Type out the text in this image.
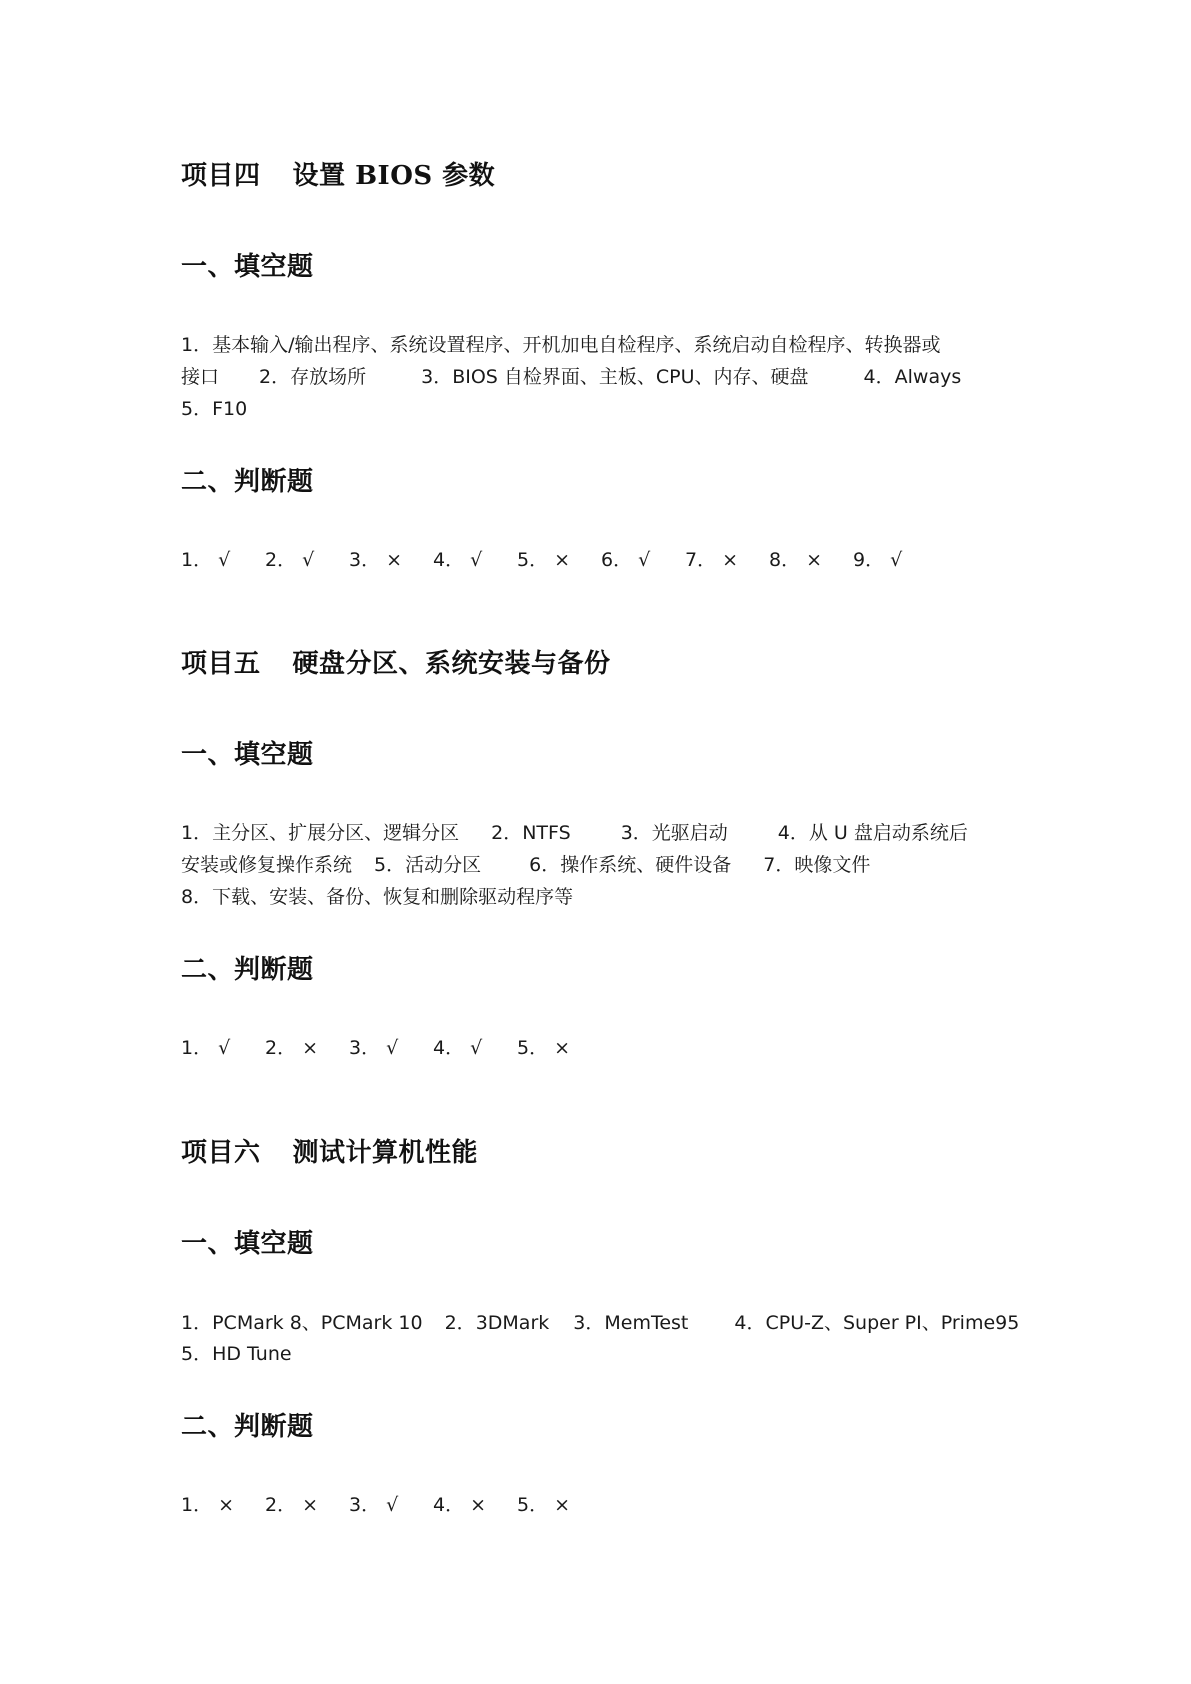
项目四 设置 BIOS 参数
一、填空题

1．基本输入/输出程序、系统设置程序、开机加电自检程序、系统启动自检程序、转换器或

接口 2．存放场所	3．BIOS 自检界面、主板、CPU、内存、硬盘	4．Always

5．F10

二、判断题
1． √ 2． √ 3． × 4． √ 5． × 6． √ 7． × 8． × 9． √
项目五 硬盘分区、系统安装与备份
一、填空题

1．主分区、扩展分区、逻辑分区 2．NTFS	3．光驱启动	4．从 U 盘启动系统后

安装或修复操作系统 5．活动分区	6．操作系统、硬件设备 7．映像文件

8．下载、安装、备份、恢复和删除驱动程序等

二、判断题
1． √ 2． × 3． √ 4． √ 5． ×
项目六 测试计算机性能
一、填空题

1．PCMark 8、PCMark 10 2．3DMark 3．MemTest 4．CPU-Z、Super PI、Prime95

5．HD Tune

二、判断题
1． × 2． × 3． √ 4． × 5． ×
